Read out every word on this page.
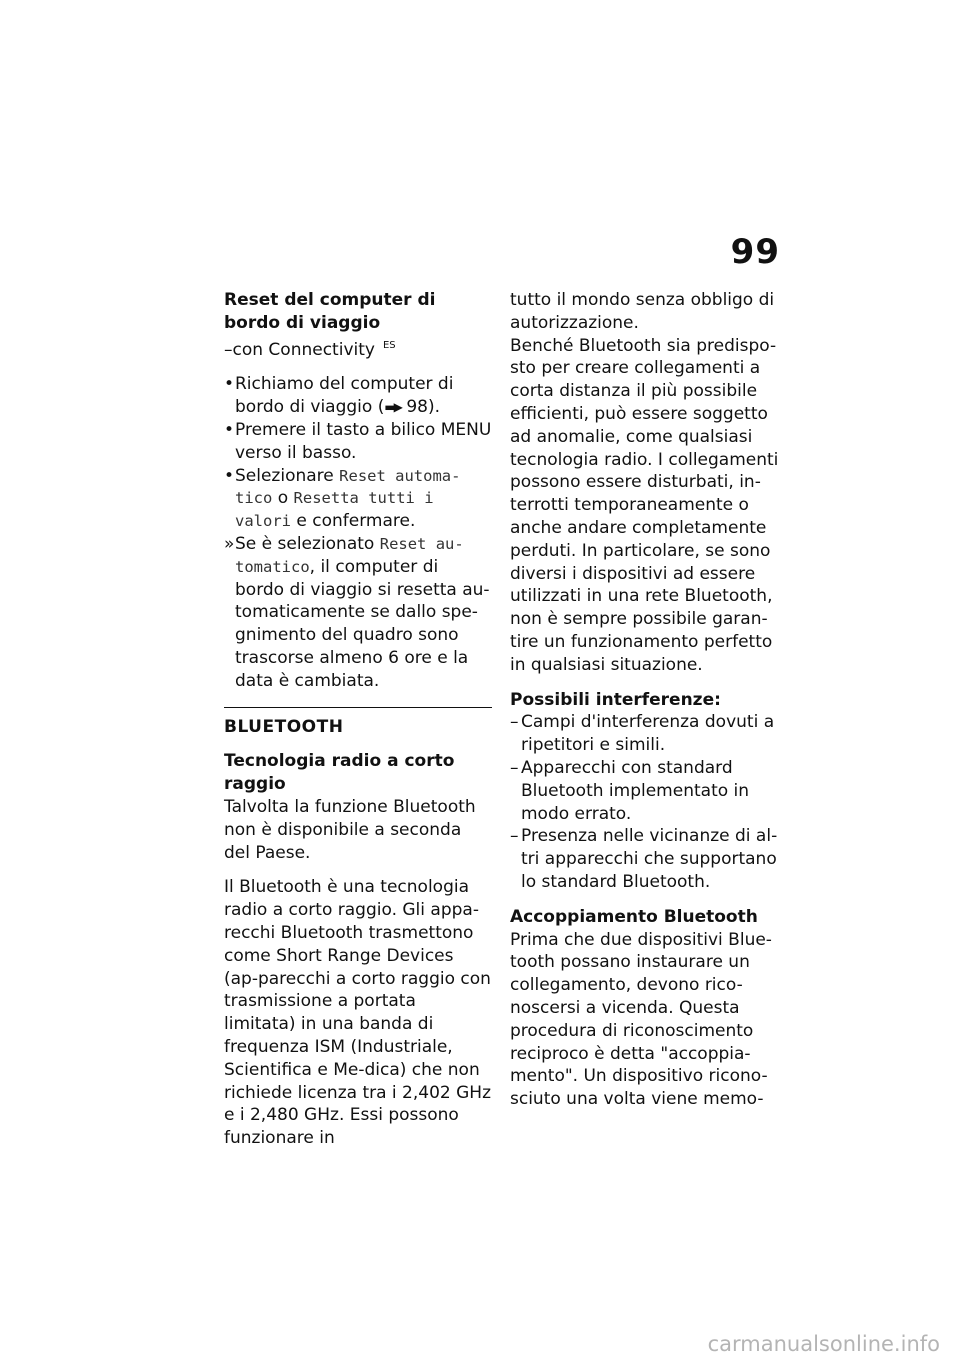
99

Reset del computer di bordo di viaggio

–con Connectivity $^{ES}$

• Richiamo del computer di bordo di viaggio (▬▶ 98).

• Premere il tasto a bilico MENU verso il basso.

• Selezionare Reset automa-tico o Resetta tutti i valori e confermare.

» Se è selezionato Reset au-tomatico, il computer di bordo di viaggio si resetta au-tomaticamente se dallo spe-gnimento del quadro sono trascorse almeno 6 ore e la data è cambiata.

BLUETOOTH

Tecnologia radio a corto raggio

Talvolta la funzione Bluetooth non è disponibile a seconda del Paese.

Il Bluetooth è una tecnologia radio a corto raggio. Gli appa-recchi Bluetooth trasmettono come Short Range Devices (ap-parecchi a corto raggio con trasmissione a portata limitata) in una banda di frequenza ISM (Industriale, Scientifica e Me-dica) che non richiede licenza tra i 2,402 GHz e i 2,480 GHz. Essi possono funzionare in

tutto il mondo senza obbligo di autorizzazione.

Benché Bluetooth sia predispo-sto per creare collegamenti a corta distanza il più possibile efficienti, può essere soggetto ad anomalie, come qualsiasi tecnologia radio. I collegamenti possono essere disturbati, in-terrotti temporaneamente o anche andare completamente perduti. In particolare, se sono diversi i dispositivi ad essere utilizzati in una rete Bluetooth, non è sempre possibile garan-tire un funzionamento perfetto in qualsiasi situazione.

Possibili interferenze:

– Campi d'interferenza dovuti a ripetitori e simili.

– Apparecchi con standard Bluetooth implementato in modo errato.

– Presenza nelle vicinanze di al-tri apparecchi che supportano lo standard Bluetooth.

Accoppiamento Bluetooth

Prima che due dispositivi Blue-tooth possano instaurare un collegamento, devono rico-noscersi a vicenda. Questa procedura di riconoscimento reciproco è detta "accoppia-mento". Un dispositivo ricono-sciuto una volta viene memo-

carmanualsonline.info
